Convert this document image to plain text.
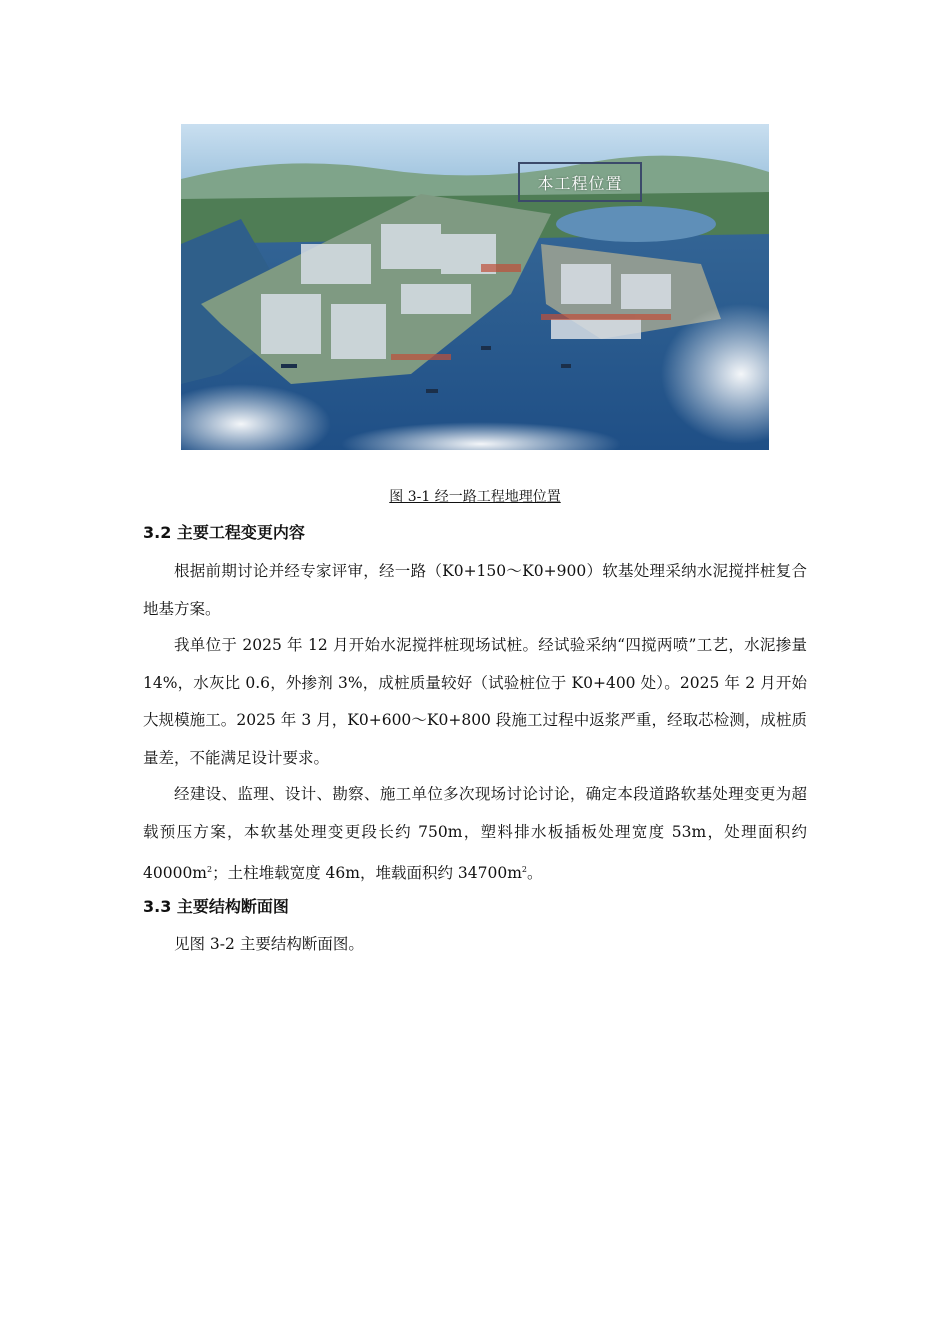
本工程位置
图 3-1 经一路工程地理位置
3.2 主要工程变更内容

根据前期讨论并经专家评审，经一路（K0+150～K0+900）软基处理采纳水泥搅拌桩复合地基方案。

我单位于 2025 年 12 月开始水泥搅拌桩现场试桩。经试验采纳“四搅两喷”工艺，水泥掺量 14%，水灰比 0.6，外掺剂 3%，成桩质量较好（试验桩位于 K0+400 处）。2025 年 2 月开始大规模施工。2025 年 3 月，K0+600～K0+800 段施工过程中返浆严重，经取芯检测，成桩质量差，不能满足设计要求。

经建设、监理、设计、勘察、施工单位多次现场讨论讨论，确定本段道路软基处理变更为超载预压方案，本软基处理变更段长约 750m，塑料排水板插板处理宽度 53m，处理面积约 $40000m^2$；土柱堆载宽度 46m，堆载面积约 $34700m^2$。

3.3 主要结构断面图

见图 3-2 主要结构断面图。
